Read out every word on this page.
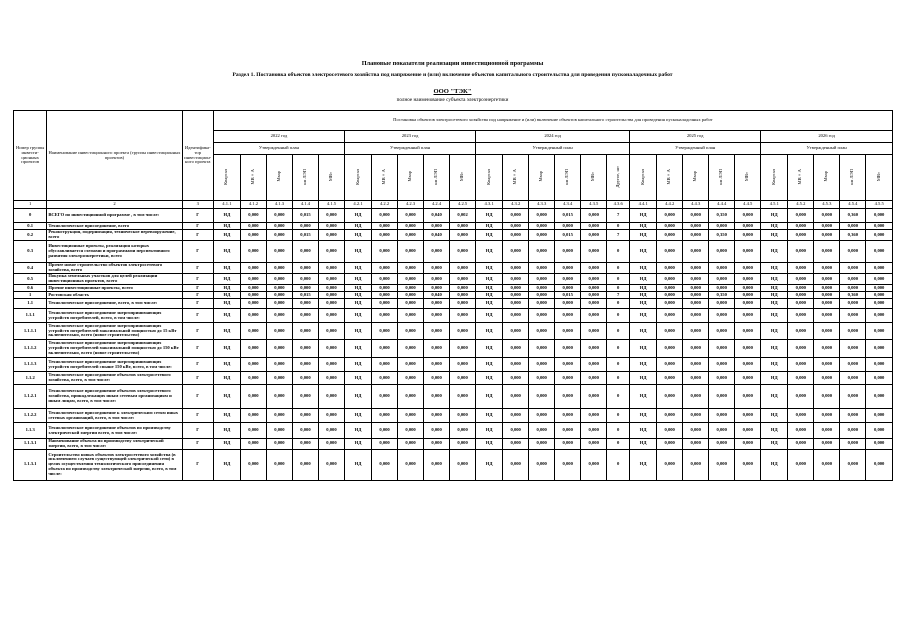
Плановые показатели реализации инвестиционной программы
Раздел 1. Постановка объектов электросетевого хозяйства под напряжение и (или) включение объектов капитального строительства для проведения пусконаладочных работ
ООО "ТЭК"
полное наименование субъекта электроэнергетики
Номер группы инвести-ционных проектов	Наименование инвестиционного проекта (группы инвестиционных проектов)	Идентифика-тор инвестицион-ного проекта	Постановка объектов электросетевого хозяйства под напряжение и (или) включение объектов капитального строительства для проведения пусконаладочных работ																									
			2022 год					2023 год					2024 год						2025 год					2026 год				
			Утвержденный план					Утвержденный план					Утвержденный план						Утвержденный план					Утвержденный план				
			Квартал	МВ×А	Мвар	км ЛЭП	МВт	Квартал	МВ×А	Мвар	км ЛЭП	МВт	Квартал	МВ×А	Мвар	км ЛЭП	МВт	Другое, шт	Квартал	МВ×А	Мвар	км ЛЭП	МВт	Квартал	МВ×А	Мвар	км ЛЭП	МВт
1	2	3	4.1.1	4.1.2	4.1.3	4.1.4	4.1.5	4.2.1	4.2.2	4.2.3	4.2.4	4.2.5	4.3.1	4.3.2	4.3.3	4.3.4	4.3.5	4.3.6	4.4.1	4.4.2	4.4.3	4.4.4	4.4.5	4.5.1	4.5.2	4.5.3	4.5.4	4.5.5
0	ВСЕГО по инвестиционной программе , в том числе:	Г	НД	0,000	0,000	0,015	0,000	НД	0,000	0,000	0,040	0,002	НД	0,000	0,000	0,015	0,000	7	НД	0,000	0,000	0,350	0,000	НД	0,000	0,000	0,360	0,000
0.1	Технологическое присоединение, всего	Г	НД	0,000	0,000	0,000	0,000	НД	0,000	0,000	0,000	0,000	НД	0,000	0,000	0,000	0,000	0	НД	0,000	0,000	0,000	0,000	НД	0,000	0,000	0,000	0,000
0.2	Реконструкция, модернизация, техническое перевооружение, всего	Г	НД	0,000	0,000	0,015	0,000	НД	0,000	0,000	0,040	0,000	НД	0,000	0,000	0,015	0,000	7	НД	0,000	0,000	0,350	0,000	НД	0,000	0,000	0,360	0,000
0.3	Инвестиционные проекты, реализация которых обуславливается схемами и программами перспективного развития электроэнергетики, всего	Г	НД	0,000	0,000	0,000	0,000	НД	0,000	0,000	0,000	0,000	НД	0,000	0,000	0,000	0,000	0	НД	0,000	0,000	0,000	0,000	НД	0,000	0,000	0,000	0,000
0.4	Прочее новое строительство объектов электросетевого хозяйства, всего	Г	НД	0,000	0,000	0,000	0,000	НД	0,000	0,000	0,000	0,000	НД	0,000	0,000	0,000	0,000	0	НД	0,000	0,000	0,000	0,000	НД	0,000	0,000	0,000	0,000
0.5	Покупка земельных участков для целей реализации инвестиционных проектов, всего	Г	НД	0,000	0,000	0,000	0,000	НД	0,000	0,000	0,000	0,000	НД	0,000	0,000	0,000	0,000	0	НД	0,000	0,000	0,000	0,000	НД	0,000	0,000	0,000	0,000
0.6	Прочие инвестиционные проекты, всего	Г	НД	0,000	0,000	0,000	0,000	НД	0,000	0,000	0,000	0,000	НД	0,000	0,000	0,000	0,000	0	НД	0,000	0,000	0,000	0,000	НД	0,000	0,000	0,000	0,000
1	Ростовская область	Г	НД	0,000	0,000	0,015	0,000	НД	0,000	0,000	0,040	0,000	НД	0,000	0,000	0,015	0,000	7	НД	0,000	0,000	0,350	0,000	НД	0,000	0,000	0,360	0,000
1.1	Технологическое присоединение, всего, в том числе:	Г	НД	0,000	0,000	0,000	0,000	НД	0,000	0,000	0,000	0,000	НД	0,000	0,000	0,000	0,000	0	НД	0,000	0,000	0,000	0,000	НД	0,000	0,000	0,000	0,000
1.1.1	Технологическое присоединение энергопринимающих устройств потребителей, всего, в том числе:	Г	НД	0,000	0,000	0,000	0,000	НД	0,000	0,000	0,000	0,000	НД	0,000	0,000	0,000	0,000	0	НД	0,000	0,000	0,000	0,000	НД	0,000	0,000	0,000	0,000
1.1.1.1	Технологическое присоединение энергопринимающих устройств потребителей максимальной мощностью до 15 кВт включительно, всего (новое строительство)	Г	НД	0,000	0,000	0,000	0,000	НД	0,000	0,000	0,000	0,000	НД	0,000	0,000	0,000	0,000	0	НД	0,000	0,000	0,000	0,000	НД	0,000	0,000	0,000	0,000
1.1.1.2	Технологическое присоединение энергопринимающих устройств потребителей максимальной мощностью до 150 кВт включительно, всего (новое строительство)	Г	НД	0,000	0,000	0,000	0,000	НД	0,000	0,000	0,000	0,000	НД	0,000	0,000	0,000	0,000	0	НД	0,000	0,000	0,000	0,000	НД	0,000	0,000	0,000	0,000
1.1.1.3	Технологическое присоединение энергопринимающих устройств потребителей свыше 150 кВт, всего, в том числе:	Г	НД	0,000	0,000	0,000	0,000	НД	0,000	0,000	0,000	0,000	НД	0,000	0,000	0,000	0,000	0	НД	0,000	0,000	0,000	0,000	НД	0,000	0,000	0,000	0,000
1.1.2	Технологическое присоединение объектов электросетевого хозяйства, всего, в том числе:	Г	НД	0,000	0,000	0,000	0,000	НД	0,000	0,000	0,000	0,000	НД	0,000	0,000	0,000	0,000	0	НД	0,000	0,000	0,000	0,000	НД	0,000	0,000	0,000	0,000
1.1.2.1	Технологическое присоединение объектов электросетевого хозяйства, принадлежащих иным сетевым организациям и иным лицам, всего, в том числе:	Г	НД	0,000	0,000	0,000	0,000	НД	0,000	0,000	0,000	0,000	НД	0,000	0,000	0,000	0,000	0	НД	0,000	0,000	0,000	0,000	НД	0,000	0,000	0,000	0,000
1.1.2.2	Технологическое присоединение к электрическим сетям иных сетевых организаций, всего, в том числе:	Г	НД	0,000	0,000	0,000	0,000	НД	0,000	0,000	0,000	0,000	НД	0,000	0,000	0,000	0,000	0	НД	0,000	0,000	0,000	0,000	НД	0,000	0,000	0,000	0,000
1.1.3	Технологическое присоединение объектов по производству электрической энергии всего, в том числе:	Г	НД	0,000	0,000	0,000	0,000	НД	0,000	0,000	0,000	0,000	НД	0,000	0,000	0,000	0,000	0	НД	0,000	0,000	0,000	0,000	НД	0,000	0,000	0,000	0,000
1.1.3.1	Наименование объекта по производству электрической энергии, всего, в том числе:	Г	НД	0,000	0,000	0,000	0,000	НД	0,000	0,000	0,000	0,000	НД	0,000	0,000	0,000	0,000	0	НД	0,000	0,000	0,000	0,000	НД	0,000	0,000	0,000	0,000
1.1.3.1	Строительство новых объектов электросетевого хозяйства (в исключением случаев существующей электрической сети) в целях осуществления технологического присоединения объекта по производству электрической энергии, всего, в том числе:	Г	НД	0,000	0,000	0,000	0,000	НД	0,000	0,000	0,000	0,000	НД	0,000	0,000	0,000	0,000	0	НД	0,000	0,000	0,000	0,000	НД	0,000	0,000	0,000	0,000
